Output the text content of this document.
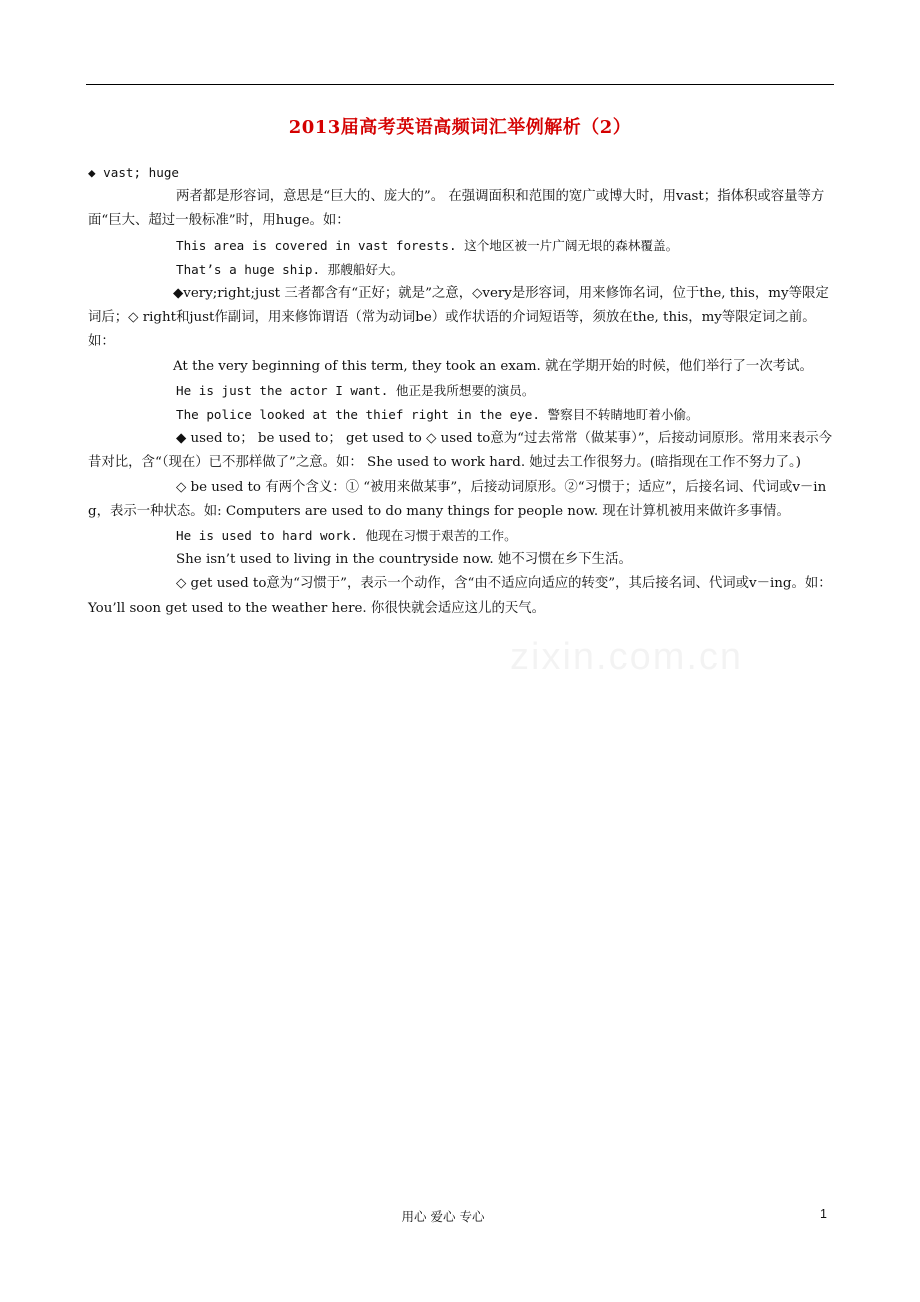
2013届高考英语高频词汇举例解析（2）

◆ vast; huge

两者都是形容词，意思是“巨大的、庞大的”。 在强调面积和范围的宽广或博大时，用vast；指体积或容量等方面“巨大、超过一般标准”时，用huge。如：

This area is covered in vast forests. 这个地区被一片广阔无垠的森林覆盖。

That’s a huge ship. 那艘船好大。

◆very;right;just 三者都含有“正好；就是”之意，◇very是形容词，用来修饰名词，位于the, this，my等限定词后；◇ right和just作副词，用来修饰谓语（常为动词be）或作状语的介词短语等，须放在the, this，my等限定词之前。如：

At the very beginning of this term, they took an exam. 就在学期开始的时候，他们举行了一次考试。

He is just the actor I want. 他正是我所想要的演员。

The police looked at the thief right in the eye. 警察目不转睛地盯着小偷。

◆ used to； be used to； get used to ◇ used to意为“过去常常（做某事）”，后接动词原形。常用来表示今昔对比，含“（现在）已不那样做了”之意。如： She used to work hard. 她过去工作很努力。(暗指现在工作不努力了。)

◇ be used to 有两个含义：① “被用来做某事”，后接动词原形。②“习惯于；适应”，后接名词、代词或v－ing，表示一种状态。如: Computers are used to do many things for people now. 现在计算机被用来做许多事情。

He is used to hard work. 他现在习惯于艰苦的工作。

She isn’t used to living in the countryside now. 她不习惯在乡下生活。

◇ get used to意为“习惯于”，表示一个动作，含“由不适应向适应的转变”，其后接名词、代词或v－ing。如： You’ll soon get used to the weather here. 你很快就会适应这儿的天气。

用心 爱心 专心	1
